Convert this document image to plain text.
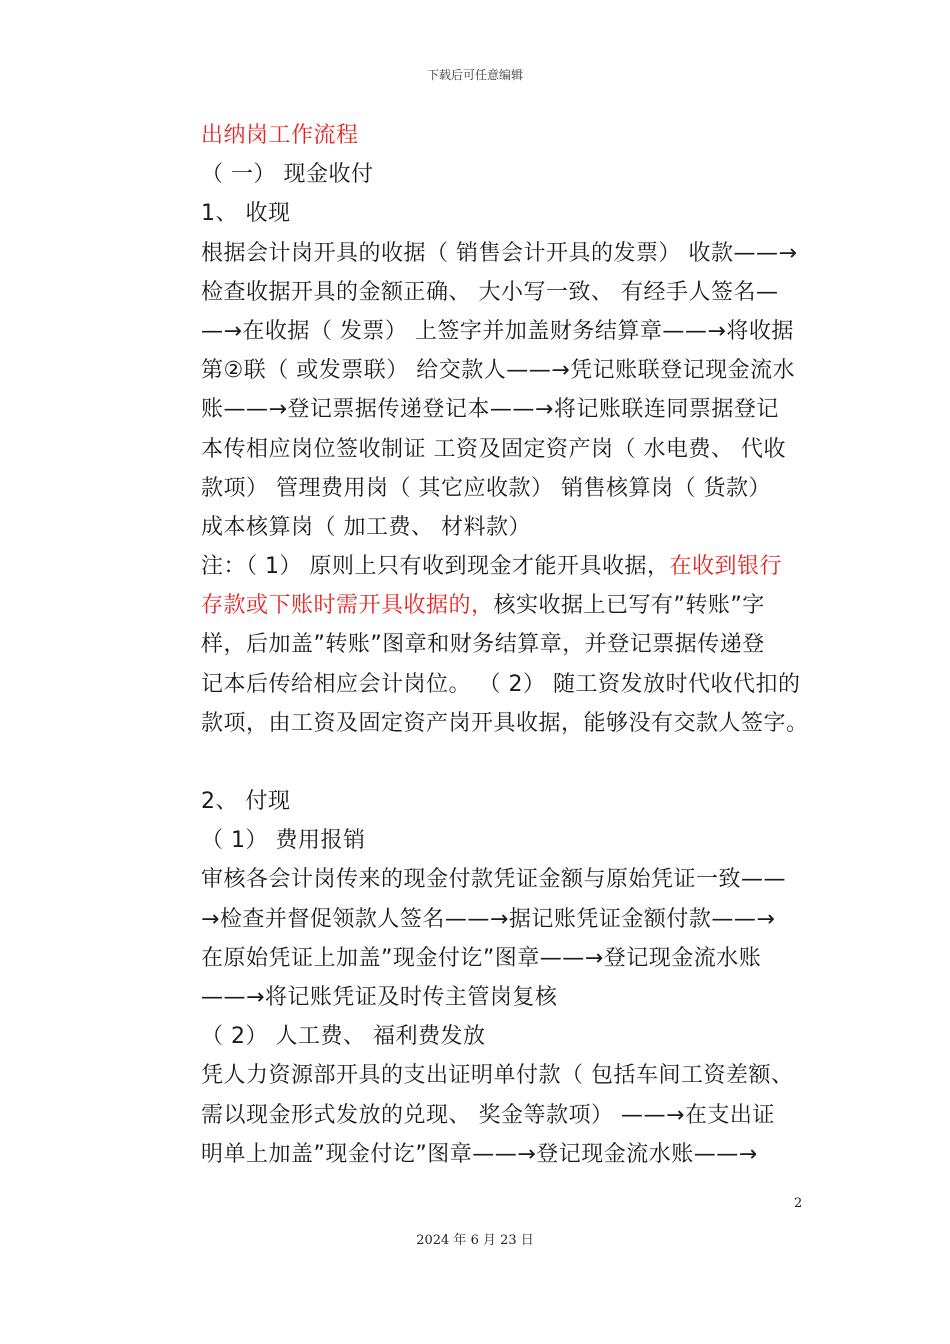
下载后可任意编辑
出纳岗工作流程
（ 一） 现金收付
1、 收现
根据会计岗开具的收据（ 销售会计开具的发票） 收款——→
检查收据开具的金额正确、 大小写一致、 有经手人签名—
—→在收据（ 发票） 上签字并加盖财务结算章——→将收据
第②联（ 或发票联） 给交款人——→凭记账联登记现金流水
账——→登记票据传递登记本——→将记账联连同票据登记
本传相应岗位签收制证 工资及固定资产岗（ 水电费、 代收
款项） 管理费用岗（ 其它应收款） 销售核算岗（ 货款）
成本核算岗（ 加工费、 材料款）
注：（ 1） 原则上只有收到现金才能开具收据，在收到银行
存款或下账时需开具收据的，核实收据上已写有”转账”字
样，后加盖”转账”图章和财务结算章，并登记票据传递登
记本后传给相应会计岗位。 （ 2） 随工资发放时代收代扣的
款项，由工资及固定资产岗开具收据，能够没有交款人签字。
2、 付现
（ 1） 费用报销
审核各会计岗传来的现金付款凭证金额与原始凭证一致——
→检查并督促领款人签名——→据记账凭证金额付款——→
在原始凭证上加盖”现金付讫”图章——→登记现金流水账
——→将记账凭证及时传主管岗复核
（ 2） 人工费、 福利费发放
凭人力资源部开具的支出证明单付款（ 包括车间工资差额、
需以现金形式发放的兑现、 奖金等款项） ——→在支出证
明单上加盖”现金付讫”图章——→登记现金流水账——→
2
2024 年 6 月 23 日
